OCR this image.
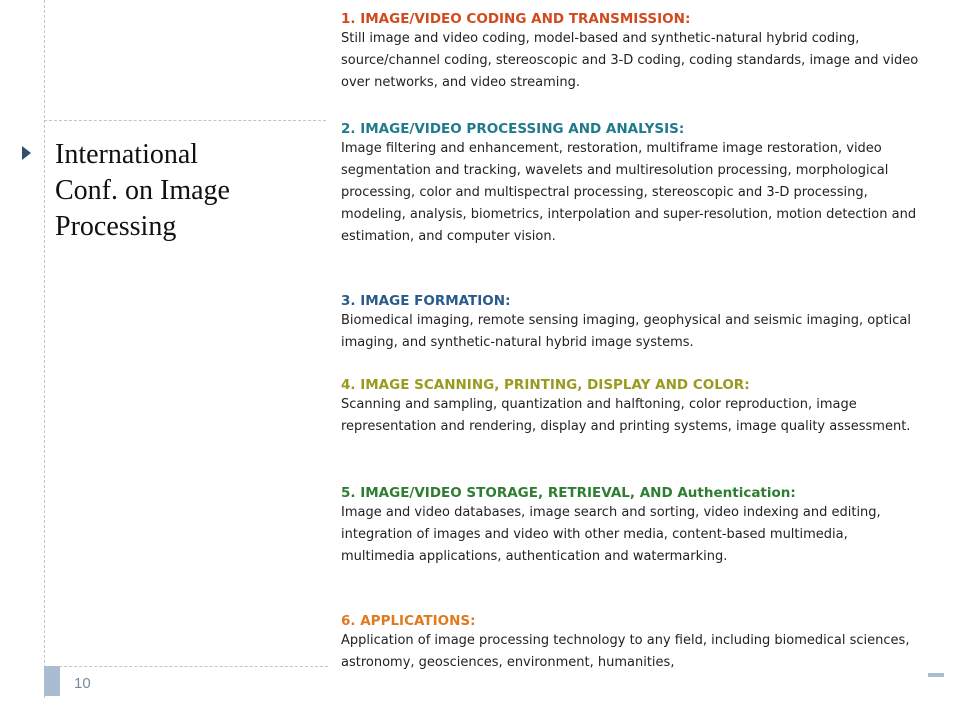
10
International Conf. on Image Processing
1. IMAGE/VIDEO CODING AND TRANSMISSION:
Still image and video coding, model-based and synthetic-natural hybrid coding, source/channel coding, stereoscopic and 3-D coding, coding standards, image and video over networks, and video streaming.
2. IMAGE/VIDEO PROCESSING AND ANALYSIS:
Image filtering and enhancement, restoration, multiframe image restoration, video segmentation and tracking, wavelets and multiresolution processing, morphological processing, color and multispectral processing, stereoscopic and 3-D processing, modeling, analysis, biometrics, interpolation and super-resolution, motion detection and estimation, and computer vision.
3. IMAGE FORMATION:
Biomedical imaging, remote sensing imaging, geophysical and seismic imaging, optical imaging, and synthetic-natural hybrid image systems.
4. IMAGE SCANNING, PRINTING, DISPLAY AND COLOR:
Scanning and sampling, quantization and halftoning, color reproduction, image representation and rendering, display and printing systems, image quality assessment.
5. IMAGE/VIDEO STORAGE, RETRIEVAL, AND Authentication:
Image and video databases, image search and sorting, video indexing and editing, integration of images and video with other media, content-based multimedia, multimedia applications, authentication and watermarking.
6. APPLICATIONS:
Application of image processing technology to any field, including biomedical sciences, astronomy, geosciences, environment, humanities,
